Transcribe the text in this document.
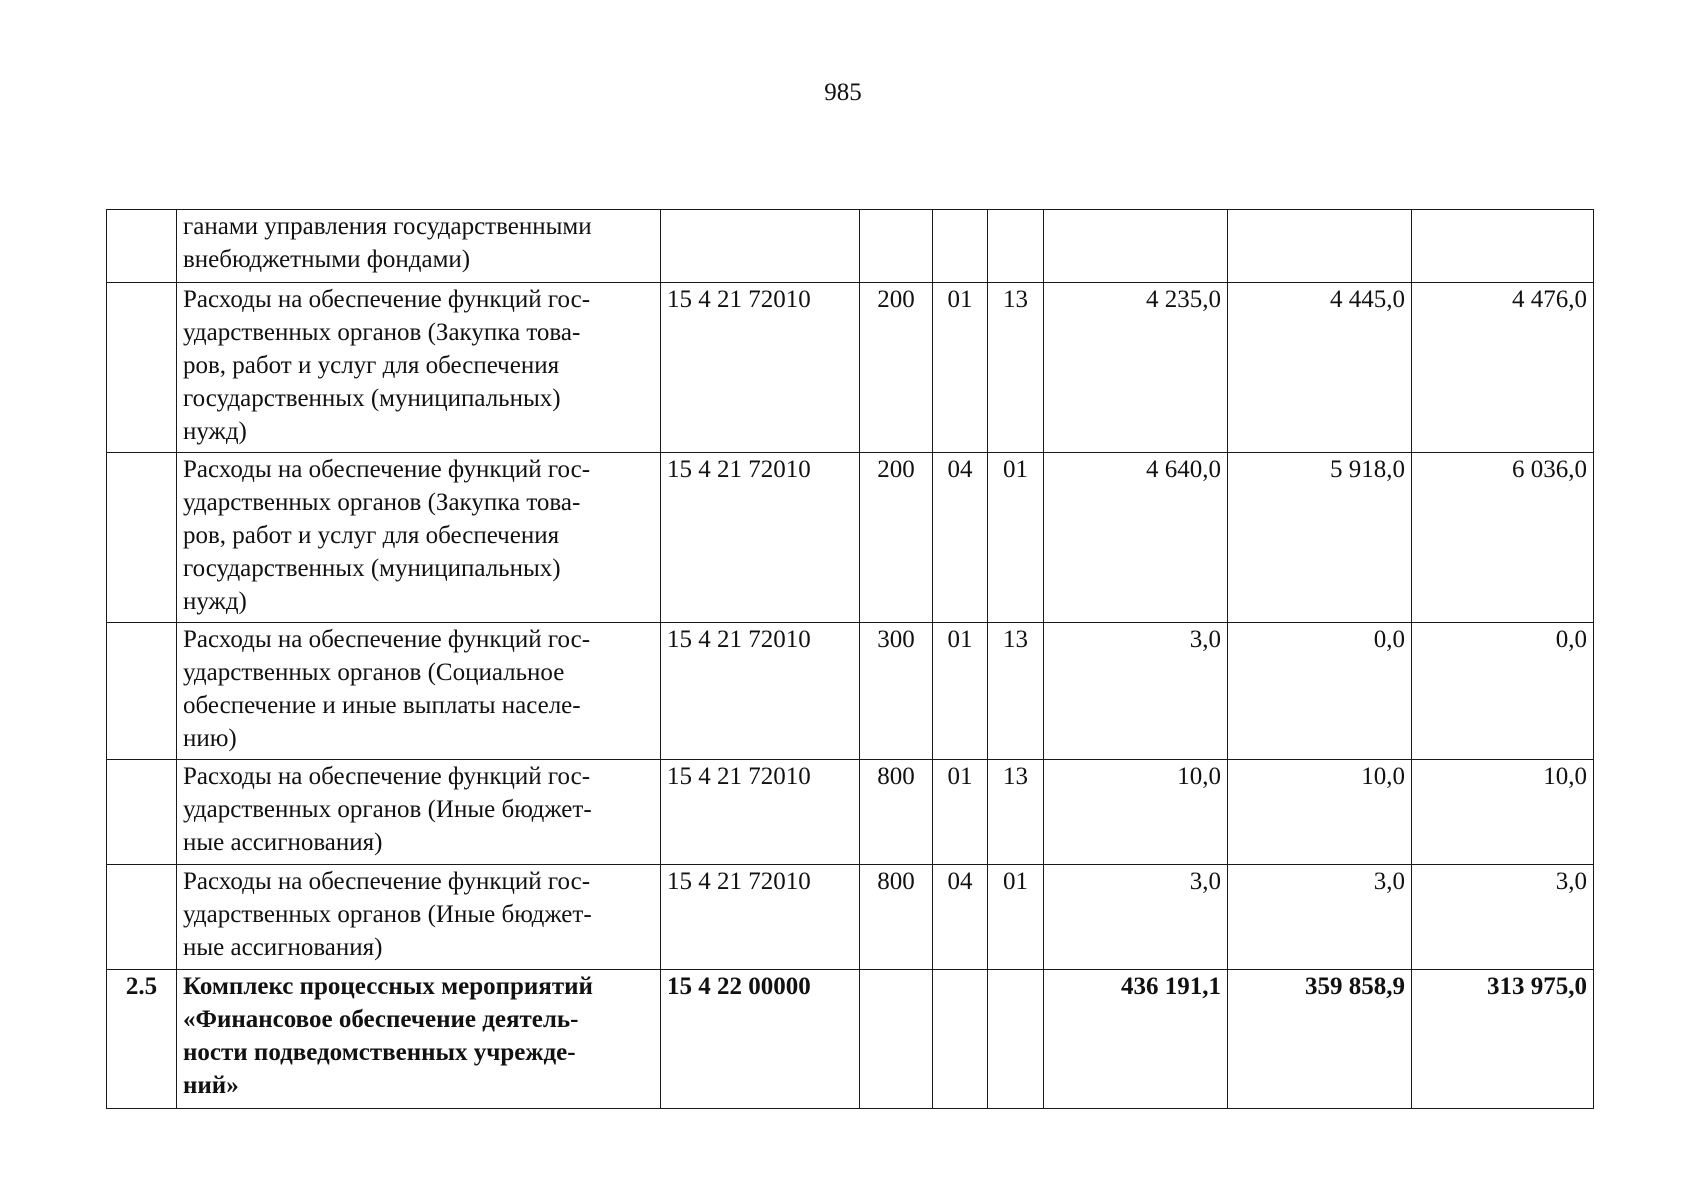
985
	ганами управления государственными
внебюджетными фондами)							
	Расходы на обеспечение функций гос-
ударственных органов (Закупка това-
ров, работ и услуг для обеспечения
государственных (муниципальных)
нужд)	15 4 21 72010	200	01	13	4 235,0	4 445,0	4 476,0
	Расходы на обеспечение функций гос-
ударственных органов (Закупка това-
ров, работ и услуг для обеспечения
государственных (муниципальных)
нужд)	15 4 21 72010	200	04	01	4 640,0	5 918,0	6 036,0
	Расходы на обеспечение функций гос-
ударственных органов (Социальное
обеспечение и иные выплаты населе-
нию)	15 4 21 72010	300	01	13	3,0	0,0	0,0
	Расходы на обеспечение функций гос-
ударственных органов (Иные бюджет-
ные ассигнования)	15 4 21 72010	800	01	13	10,0	10,0	10,0
	Расходы на обеспечение функций гос-
ударственных органов (Иные бюджет-
ные ассигнования)	15 4 21 72010	800	04	01	3,0	3,0	3,0
2.5	Комплекс процессных мероприятий
«Финансовое обеспечение деятель-
ности подведомственных учрежде-
ний»	15 4 22 00000				436 191,1	359 858,9	313 975,0
